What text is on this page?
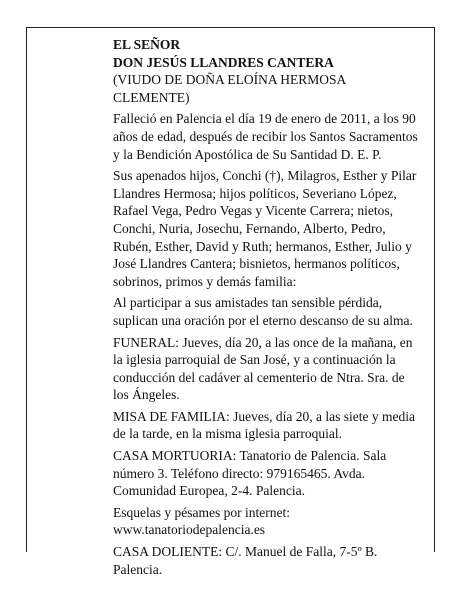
EL SEÑOR

DON JESÚS LLANDRES CANTERA

(VIUDO DE DOÑA ELOÍNA HERMOSA CLEMENTE)

Falleció en Palencia el día 19 de enero de 2011, a los 90 años de edad, después de recibir los Santos Sacramentos y la Bendición Apostólica de Su Santidad D. E. P.

Sus apenados hijos, Conchi (†), Milagros, Esther y Pilar Llandres Hermosa; hijos políticos, Severiano López, Rafael Vega, Pedro Vegas y Vicente Carrera; nietos, Conchi, Nuria, Josechu, Fernando, Alberto, Pedro, Rubén, Esther, David y Ruth; hermanos, Esther, Julio y José Llandres Cantera; bisnietos, hermanos políticos, sobrinos, primos y demás familia:

Al participar a sus amistades tan sensible pérdida, suplican una oración por el eterno descanso de su alma.

FUNERAL: Jueves, día 20, a las once de la mañana, en la iglesia parroquial de San José, y a continuación la conducción del cadáver al cementerio de Ntra. Sra. de los Ángeles.

MISA DE FAMILIA: Jueves, día 20, a las siete y media de la tarde, en la misma iglesia parroquial.

CASA MORTUORIA: Tanatorio de Palencia. Sala número 3. Teléfono directo: 979165465. Avda. Comunidad Europea, 2-4. Palencia.

Esquelas y pésames por internet: www.tanatoriodepalencia.es

CASA DOLIENTE: C/. Manuel de Falla, 7-5º B. Palencia.
